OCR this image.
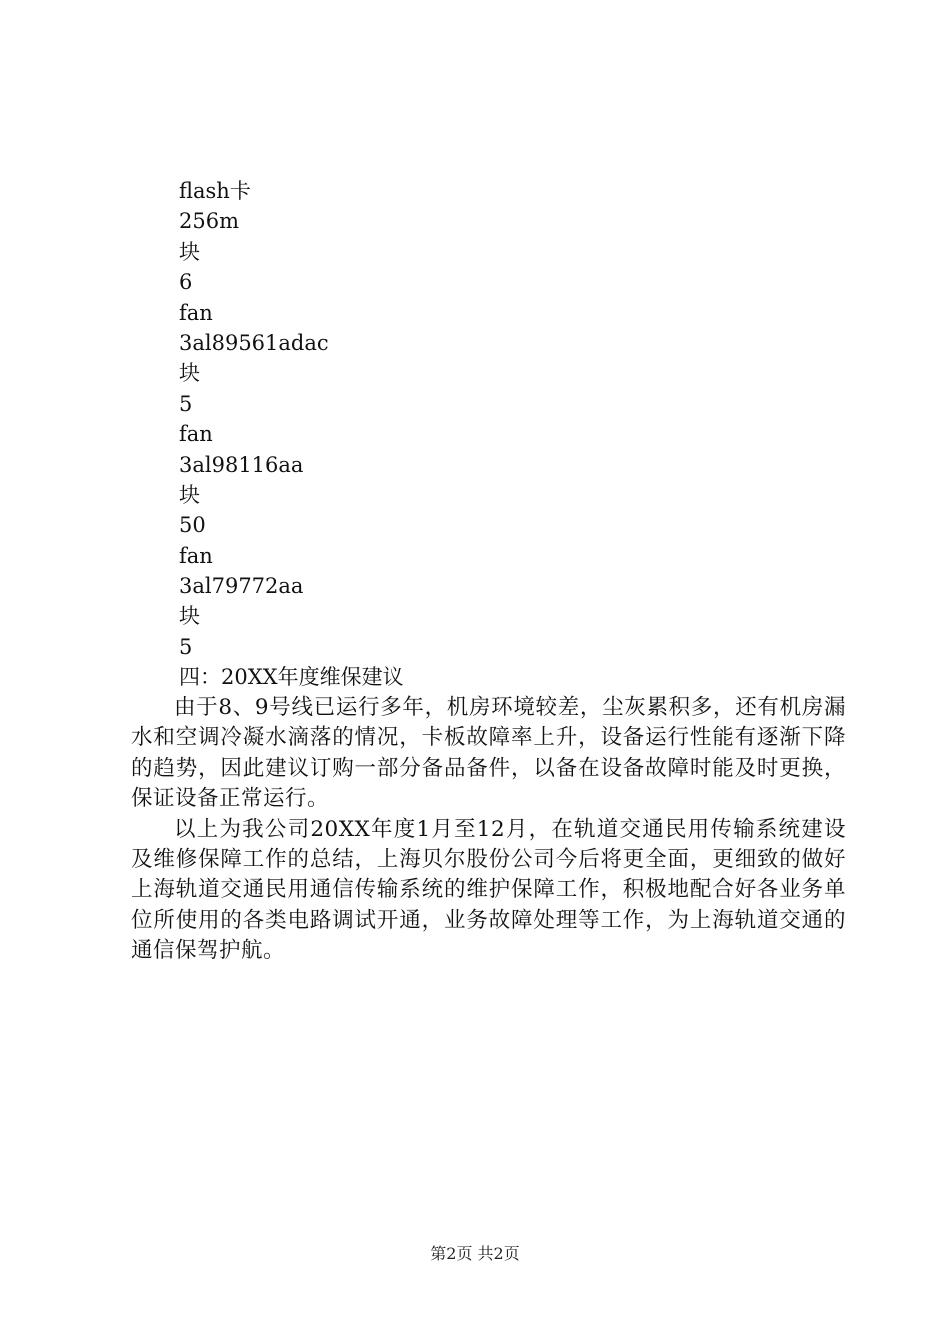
flash卡
256m
块
6
fan
3al89561adac
块
5
fan
3al98116aa
块
50
fan
3al79772aa
块
5
四：20XX年度维保建议

由于8、9号线已运行多年，机房环境较差，尘灰累积多，还有机房漏水和空调冷凝水滴落的情况，卡板故障率上升，设备运行性能有逐渐下降的趋势，因此建议订购一部分备品备件，以备在设备故障时能及时更换，保证设备正常运行。

以上为我公司20XX年度1月至12月，在轨道交通民用传输系统建设及维修保障工作的总结，上海贝尔股份公司今后将更全面，更细致的做好上海轨道交通民用通信传输系统的维护保障工作，积极地配合好各业务单位所使用的各类电路调试开通，业务故障处理等工作，为上海轨道交通的通信保驾护航。

第2页 共2页
